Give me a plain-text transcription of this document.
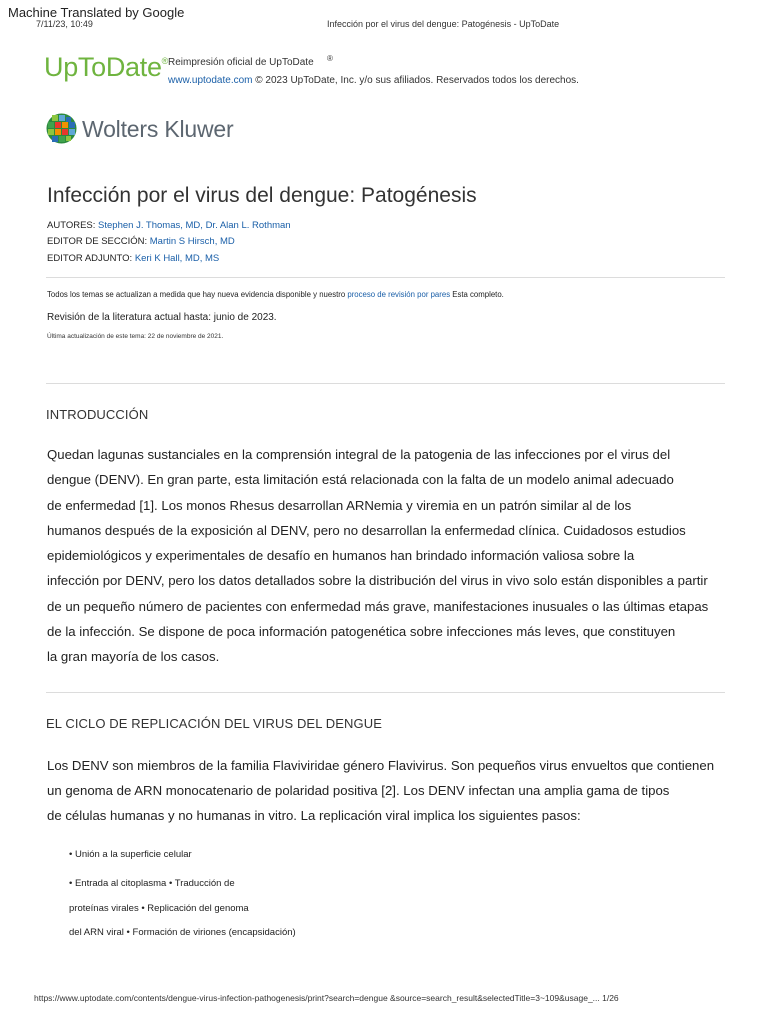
Machine Translated by Google
7/11/23, 10:49	Infección por el virus del dengue: Patogénesis - UpToDate
UpToDate® Reimpresión oficial de UpToDate ®
www.uptodate.com © 2023 UpToDate, Inc. y/o sus afiliados. Reservados todos los derechos.
Wolters Kluwer
Infección por el virus del dengue: Patogénesis
AUTORES: Stephen J. Thomas, MD, Dr. Alan L. Rothman
EDITOR DE SECCIÓN: Martin S Hirsch, MD
EDITOR ADJUNTO: Keri K Hall, MD, MS
Todos los temas se actualizan a medida que hay nueva evidencia disponible y nuestro proceso de revisión por pares Esta completo.
Revisión de la literatura actual hasta: junio de 2023.
Última actualización de este tema: 22 de noviembre de 2021.
INTRODUCCIÓN
Quedan lagunas sustanciales en la comprensión integral de la patogenia de las infecciones por el virus del
dengue (DENV). En gran parte, esta limitación está relacionada con la falta de un modelo animal adecuado
de enfermedad [1]. Los monos Rhesus desarrollan ARNemia y viremia en un patrón similar al de los
humanos después de la exposición al DENV, pero no desarrollan la enfermedad clínica. Cuidadosos estudios
epidemiológicos y experimentales de desafío en humanos han brindado información valiosa sobre la
infección por DENV, pero los datos detallados sobre la distribución del virus in vivo solo están disponibles a partir
de un pequeño número de pacientes con enfermedad más grave, manifestaciones inusuales o las últimas etapas
de la infección. Se dispone de poca información patogenética sobre infecciones más leves, que constituyen
la gran mayoría de los casos.
EL CICLO DE REPLICACIÓN DEL VIRUS DEL DENGUE
Los DENV son miembros de la familia Flaviviridae género Flavivirus. Son pequeños virus envueltos que contienen
un genoma de ARN monocatenario de polaridad positiva [2]. Los DENV infectan una amplia gama de tipos
de células humanas y no humanas in vitro. La replicación viral implica los siguientes pasos:
• Unión a la superficie celular
• Entrada al citoplasma • Traducción de
proteínas virales • Replicación del genoma
del ARN viral • Formación de viriones (encapsidación)
https://www.uptodate.com/contents/dengue-virus-infection-pathogenesis/print?search=dengue &source=search_result&selectedTitle=3~109&usage_... 1/26
